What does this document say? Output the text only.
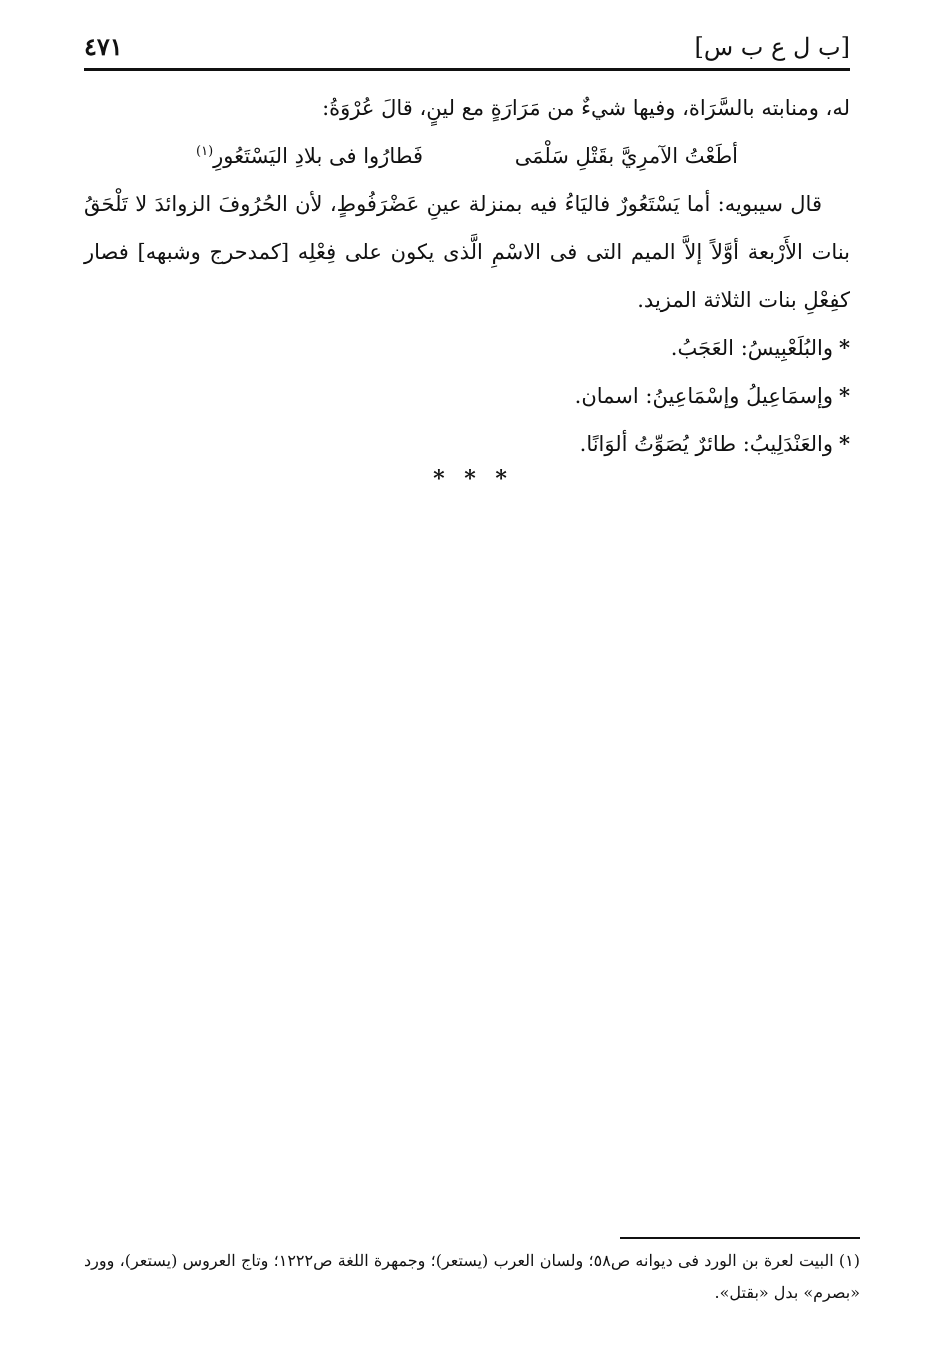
[ب ل ع ب س]
٤٧١

له، ومنابته بالسَّرَاة، وفيها شيءٌ من مَرَارَةٍ مع لينٍ، قالَ عُرْوَةُ:

أطَعْتُ الآمرِيَّ بقَتْلِ سَلْمَى
فَطارُوا فى بلادِ اليَسْتَعُورِ$^{(١)}$

قال سيبويه: أما يَسْتَعُورٌ فاليَاءُ فيه بمنزلة عينِ عَضْرَفُوطٍ، لأن الحُرُوفَ الزوائدَ لا تَلْحَقُ بنات الأَرْبعة أوَّلاً إلاَّ الميم التى فى الاسْمِ الَّذى يكون على فِعْلِه [كمدحرج وشبهه] فصار كفِعْلِ بنات الثلاثة المزيد.

*والبُلَعْبِيسُ: العَجَبُ.

*وإسمَاعِيلُ وإسْمَاعِينُ: اسمان.

*والعَنْدَلِيبُ: طائرٌ يُصَوِّتُ ألوَانًا.

* * *

(١) البيت لعرة بن الورد فى ديوانه ص٥٨؛ ولسان العرب (يستعر)؛ وجمهرة اللغة ص١٢٢٢؛ وتاج العروس (يستعر)، وورد «بصرم» بدل «بقتل».
